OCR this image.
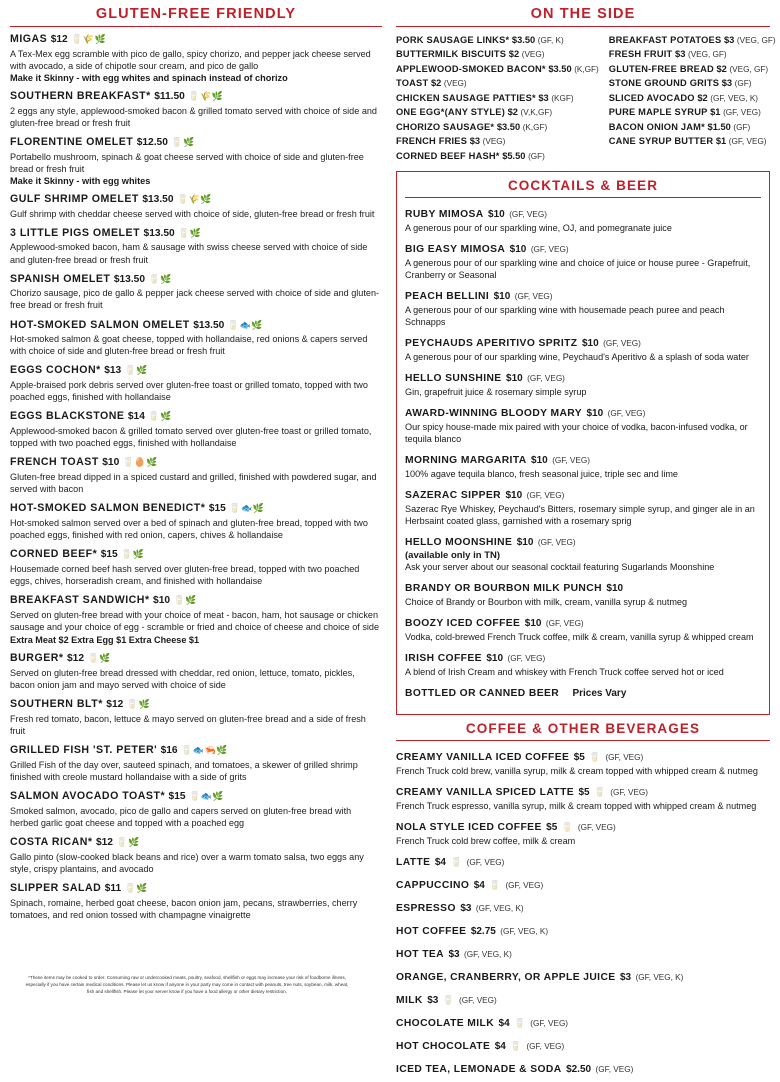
GLUTEN-FREE FRIENDLY
MIGAS $12 🥛🌾🌿
A Tex-Mex egg scramble with pico de gallo, spicy chorizo, and pepper jack cheese served with avocado, a side of chipotle sour cream, and pico de gallo
Make it Skinny - with egg whites and spinach instead of chorizo
SOUTHERN BREAKFAST* $11.50 🥛🌾🌿
2 eggs any style, applewood-smoked bacon & grilled tomato served with choice of side and gluten-free bread or fresh fruit
FLORENTINE OMELET $12.50 🥛🌿
Portabello mushroom, spinach & goat cheese served with choice of side and gluten-free bread or fresh fruit
Make it Skinny - with egg whites
GULF SHRIMP OMELET $13.50 🥛🌾🌿
Gulf shrimp with cheddar cheese served with choice of side, gluten-free bread or fresh fruit
3 LITTLE PIGS OMELET $13.50 🥛🌿
Applewood-smoked bacon, ham & sausage with swiss cheese served with choice of side and gluten-free bread or fresh fruit
SPANISH OMELET $13.50 🥛🌿
Chorizo sausage, pico de gallo & pepper jack cheese served with choice of side and gluten-free bread or fresh fruit
HOT-SMOKED SALMON OMELET $13.50 🥛🐟🌿
Hot-smoked salmon & goat cheese, topped with hollandaise, red onions & capers served with choice of side and gluten-free bread or fresh fruit
EGGS COCHON* $13 🥛🌿
Apple-braised pork debris served over gluten-free toast or grilled tomato, topped with two poached eggs, finished with hollandaise
EGGS BLACKSTONE $14 🥛🌿
Applewood-smoked bacon & grilled tomato served over gluten-free toast or grilled tomato, topped with two poached eggs, finished with hollandaise
FRENCH TOAST $10 🥛🥚🌿
Gluten-free bread dipped in a spiced custard and grilled, finished with powdered sugar, and served with bacon
HOT-SMOKED SALMON BENEDICT* $15 🥛🐟🌿
Hot-smoked salmon served over a bed of spinach and gluten-free bread, topped with two poached eggs, finished with red onion, capers, chives & hollandaise
CORNED BEEF* $15 🥛🌿
Housemade corned beef hash served over gluten-free bread, topped with two poached eggs, chives, horseradish cream, and finished with hollandaise
BREAKFAST SANDWICH* $10 🥛🌿
Served on gluten-free bread with your choice of meat - bacon, ham, hot sausage or chicken sausage and your choice of egg - scramble or fried and choice of cheese and choice of side
Extra Meat $2 Extra Egg $1 Extra Cheese $1
BURGER* $12 🥛🌿
Served on gluten-free bread dressed with cheddar, red onion, lettuce, tomato, pickles, bacon onion jam and mayo served with choice of side
SOUTHERN BLT* $12 🥛🌿
Fresh red tomato, bacon, lettuce & mayo served on gluten-free bread and a side of fresh fruit
GRILLED FISH 'ST. PETER' $16 🥛🐟🦐🌿
Grilled Fish of the day over, sauteed spinach, and tomatoes, a skewer of grilled shrimp finished with creole mustard hollandaise with a side of grits
SALMON AVOCADO TOAST* $15 🥛🐟🌿
Smoked salmon, avocado, pico de gallo and capers served on gluten-free bread with herbed garlic goat cheese and topped with a poached egg
COSTA RICAN* $12 🥛🌿
Gallo pinto (slow-cooked black beans and rice) over a warm tomato salsa, two eggs any style, crispy plantains, and avocado
SLIPPER SALAD $11 🥛🌿
Spinach, romaine, herbed goat cheese, bacon onion jam, pecans, strawberries, cherry tomatoes, and red onion tossed with champagne vinaigrette
ON THE SIDE
PORK SAUSAGE LINKS* $3.50 (GF, K)
BUTTERMILK BISCUITS $2 (VEG)
APPLEWOOD-SMOKED BACON* $3.50 (K,GF)
TOAST $2 (VEG)
CHICKEN SAUSAGE PATTIES* $3 (KGF)
ONE EGG*(ANY STYLE) $2 (V,K,GF)
CHORIZO SAUSAGE* $3.50 (K,GF)
FRENCH FRIES $3 (VEG)
CORNED BEEF HASH* $5.50 (GF)
BREAKFAST POTATOES $3 (VEG, GF)
FRESH FRUIT $3 (VEG, GF)
GLUTEN-FREE BREAD $2 (VEG, GF)
STONE GROUND GRITS $3 (GF)
SLICED AVOCADO $2 (GF, VEG, K)
PURE MAPLE SYRUP $1 (GF, VEG)
BACON ONION JAM* $1.50 (GF)
CANE SYRUP BUTTER $1 (GF, VEG)
COCKTAILS & BEER
RUBY MIMOSA $10 (GF, VEG)
A generous pour of our sparkling wine, OJ, and pomegranate juice
BIG EASY MIMOSA $10 (GF, VEG)
A generous pour of our sparkling wine and choice of juice or house puree - Grapefruit, Cranberry or Seasonal
PEACH BELLINI $10 (GF, VEG)
A generous pour of our sparkling wine with housemade peach puree and peach Schnapps
PEYCHAUDS APERITIVO SPRITZ $10 (GF, VEG)
A generous pour of our sparkling wine, Peychaud's Aperitivo & a splash of soda water
HELLO SUNSHINE $10 (GF, VEG)
Gin, grapefruit juice & rosemary simple syrup
AWARD-WINNING BLOODY MARY $10 (GF, VEG)
Our spicy house-made mix paired with your choice of vodka, bacon-infused vodka, or tequila blanco
MORNING MARGARITA $10 (GF, VEG)
100% agave tequila blanco, fresh seasonal juice, triple sec and lime
SAZERAC SIPPER $10 (GF, VEG)
Sazerac Rye Whiskey, Peychaud's Bitters, rosemary simple syrup, and ginger ale in an Herbsaint coated glass, garnished with a rosemary sprig
HELLO MOONSHINE $10 (GF, VEG)
(available only in TN)
Ask your server about our seasonal cocktail featuring Sugarlands Moonshine
BRANDY OR BOURBON MILK PUNCH $10
Choice of Brandy or Bourbon with milk, cream, vanilla syrup & nutmeg
BOOZY ICED COFFEE $10 (GF, VEG)
Vodka, cold-brewed French Truck coffee, milk & cream, vanilla syrup & whipped cream
IRISH COFFEE $10 (GF, VEG)
A blend of Irish Cream and whiskey with French Truck coffee served hot or iced
BOTTLED OR CANNED BEER Prices Vary
COFFEE & OTHER BEVERAGES
CREAMY VANILLA ICED COFFEE $5 🥛 (GF, VEG)
French Truck cold brew, vanilla syrup, milk & cream topped with whipped cream & nutmeg
CREAMY VANILLA SPICED LATTE $5 🥛 (GF, VEG)
French Truck espresso, vanilla syrup, milk & cream topped with whipped cream & nutmeg
NOLA STYLE ICED COFFEE $5 🥛 (GF, VEG)
French Truck cold brew coffee, milk & cream
LATTE $4 🥛 (GF, VEG)
CAPPUCCINO $4 🥛 (GF, VEG)
ESPRESSO $3 (GF, VEG, K)
HOT COFFEE $2.75 (GF, VEG, K)
HOT TEA $3 (GF, VEG, K)
ORANGE, CRANBERRY, OR APPLE JUICE $3 (GF, VEG, K)
MILK $3 🥛 (GF, VEG)
CHOCOLATE MILK $4 🥛 (GF, VEG)
HOT CHOCOLATE $4 🥛 (GF, VEG)
ICED TEA, LEMONADE & SODA $2.50 (GF, VEG)
*These items may be cooked to order. Consuming raw or undercooked meats, poultry, seafood, shellfish or eggs may increase your risk of foodborne illness, especially if you have certain medical conditions. Please let us know if anyone in your party may come in contact with peanuts, tree nuts, soybean, milk, wheat, fish and shellfish. Please let your server know if you have a food allergy or other dietary restriction.
